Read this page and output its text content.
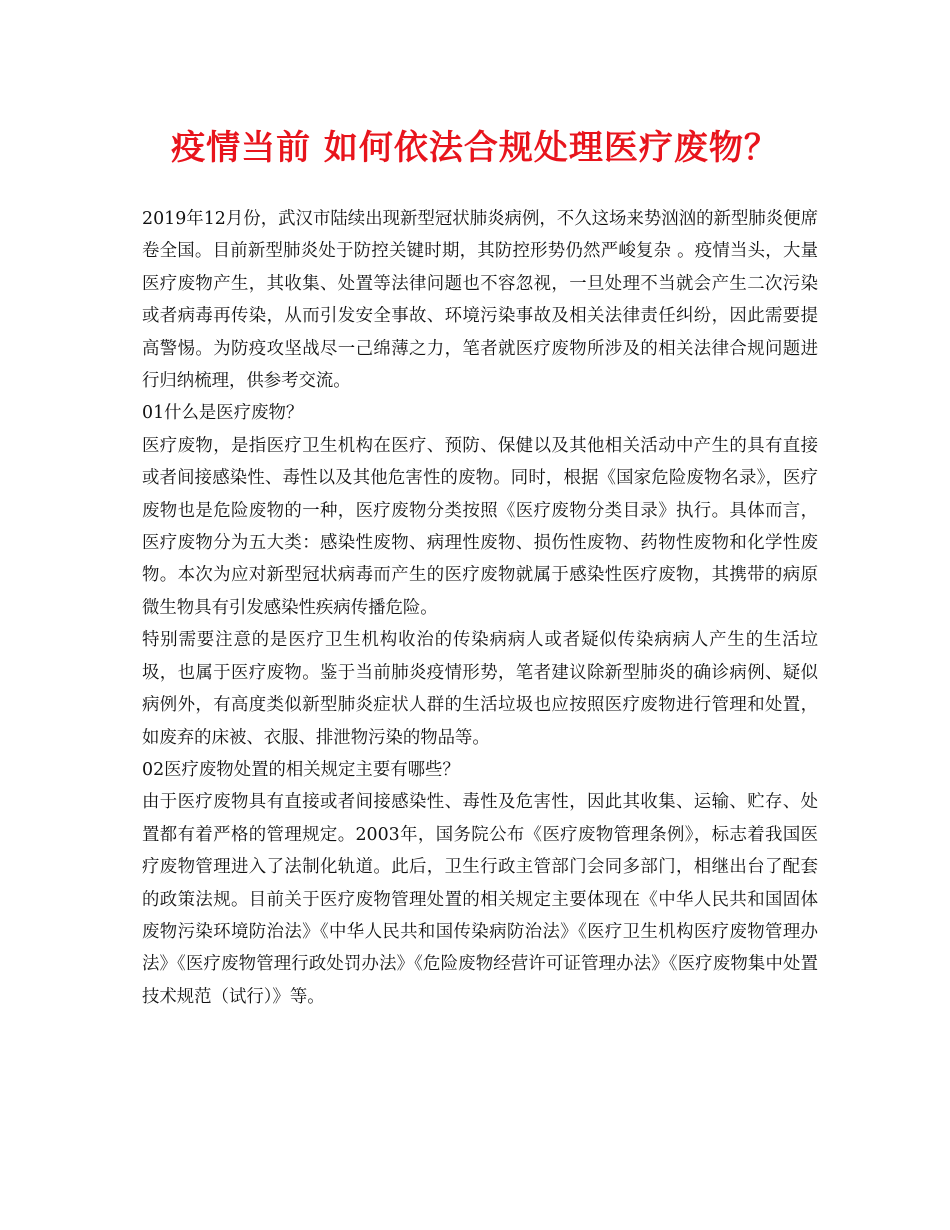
疫情当前 如何依法合规处理医疗废物？

2019年12月份，武汉市陆续出现新型冠状肺炎病例，不久这场来势汹汹的新型肺炎便席卷全国。目前新型肺炎处于防控关键时期，其防控形势仍然严峻复杂 。疫情当头，大量医疗废物产生，其收集、处置等法律问题也不容忽视，一旦处理不当就会产生二次污染或者病毒再传染，从而引发安全事故、环境污染事故及相关法律责任纠纷，因此需要提高警惕。为防疫攻坚战尽一己绵薄之力，笔者就医疗废物所涉及的相关法律合规问题进行归纳梳理，供参考交流。

01什么是医疗废物？

医疗废物，是指医疗卫生机构在医疗、预防、保健以及其他相关活动中产生的具有直接或者间接感染性、毒性以及其他危害性的废物。同时，根据《国家危险废物名录》，医疗废物也是危险废物的一种，医疗废物分类按照《医疗废物分类目录》执行。具体而言，医疗废物分为五大类：感染性废物、病理性废物、损伤性废物、药物性废物和化学性废物。本次为应对新型冠状病毒而产生的医疗废物就属于感染性医疗废物，其携带的病原微生物具有引发感染性疾病传播危险。

特别需要注意的是医疗卫生机构收治的传染病病人或者疑似传染病病人产生的生活垃圾，也属于医疗废物。鉴于当前肺炎疫情形势，笔者建议除新型肺炎的确诊病例、疑似病例外，有高度类似新型肺炎症状人群的生活垃圾也应按照医疗废物进行管理和处置，如废弃的床被、衣服、排泄物污染的物品等。

02医疗废物处置的相关规定主要有哪些？

由于医疗废物具有直接或者间接感染性、毒性及危害性，因此其收集、运输、贮存、处置都有着严格的管理规定。2003年，国务院公布《医疗废物管理条例》，标志着我国医疗废物管理进入了法制化轨道。此后，卫生行政主管部门会同多部门，相继出台了配套的政策法规。目前关于医疗废物管理处置的相关规定主要体现在《中华人民共和国固体废物污染环境防治法》《中华人民共和国传染病防治法》《医疗卫生机构医疗废物管理办法》《医疗废物管理行政处罚办法》《危险废物经营许可证管理办法》《医疗废物集中处置技术规范（试行）》等。
